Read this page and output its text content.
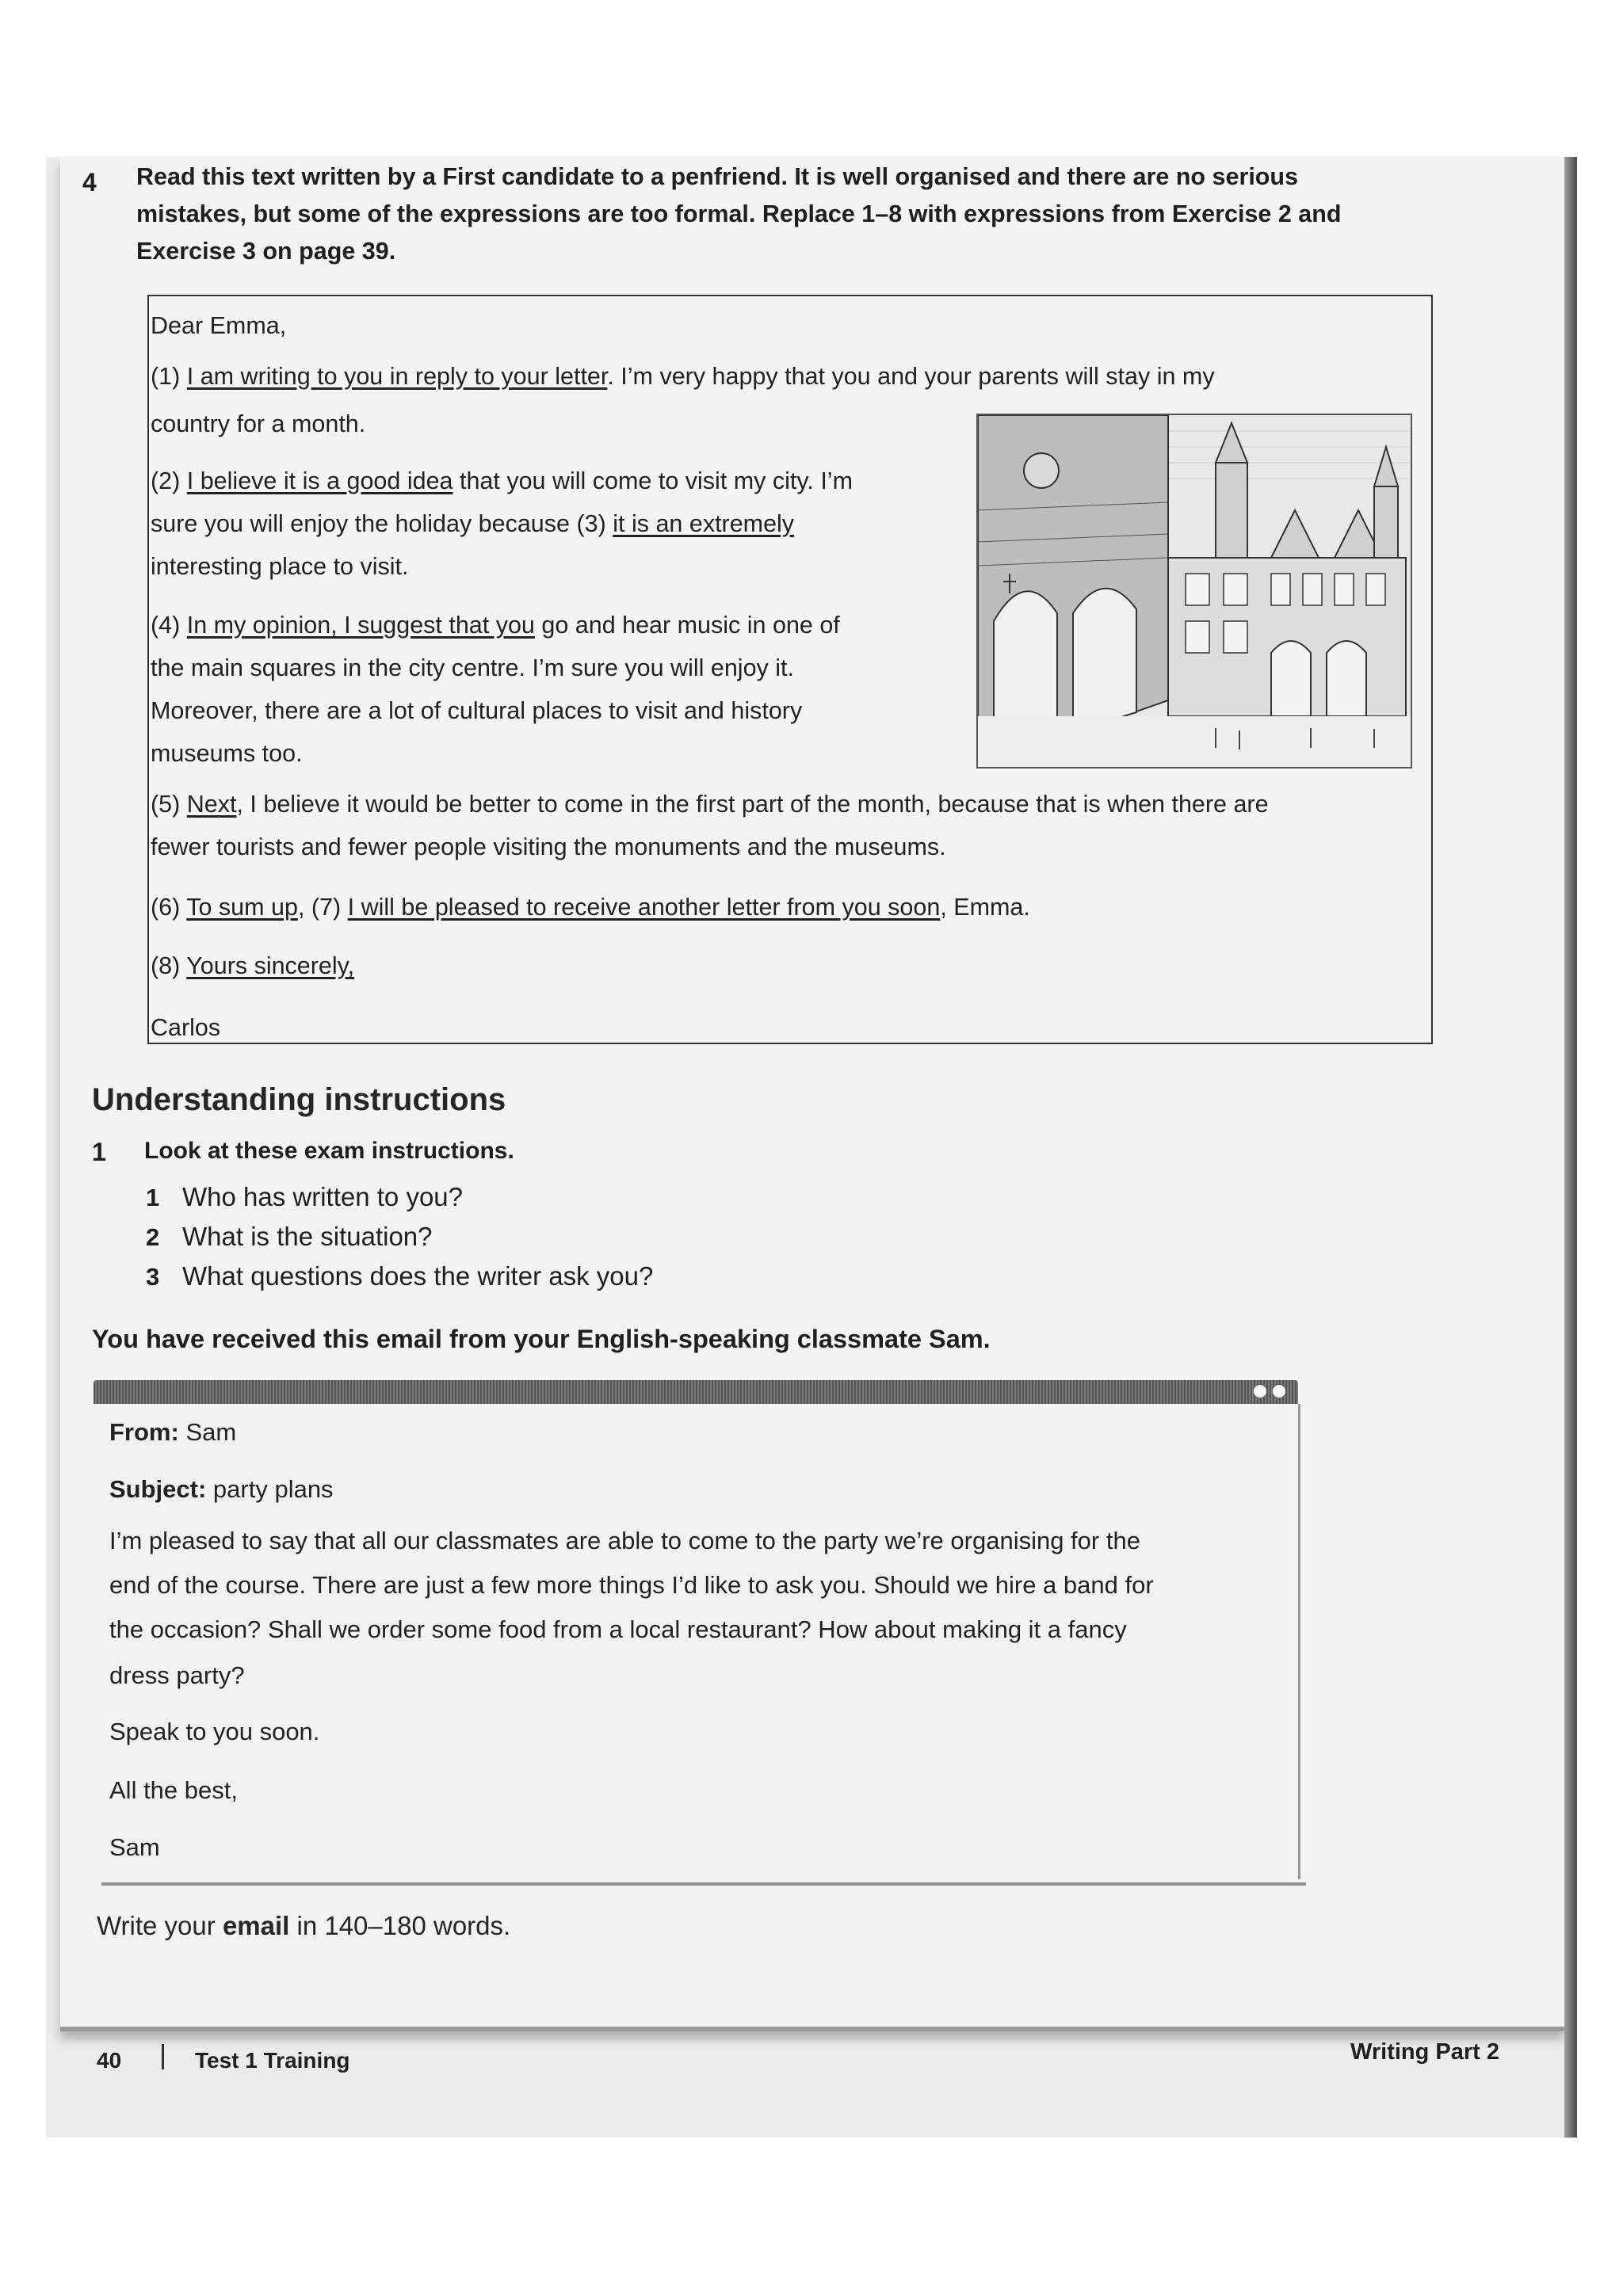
4 Read this text written by a First candidate to a penfriend. It is well organised and there are no serious mistakes, but some of the expressions are too formal. Replace 1–8 with expressions from Exercise 2 and Exercise 3 on page 39.
Dear Emma,
(1) I am writing to you in reply to your letter. I’m very happy that you and your parents will stay in my
country for a month.
(2) I believe it is a good idea that you will come to visit my city. I’m
sure you will enjoy the holiday because (3) it is an extremely
interesting place to visit.
(4) In my opinion, I suggest that you go and hear music in one of
the main squares in the city centre. I’m sure you will enjoy it.
Moreover, there are a lot of cultural places to visit and history
museums too.
(5) Next, I believe it would be better to come in the first part of the month, because that is when there are
fewer tourists and fewer people visiting the monuments and the museums.
(6) To sum up, (7) I will be pleased to receive another letter from you soon, Emma.
(8) Yours sincerely,
Carlos
Understanding instructions
1 Look at these exam instructions.
1 Who has written to you?
2 What is the situation?
3 What questions does the writer ask you?
You have received this email from your English-speaking classmate Sam.
From: Sam
Subject: party plans
I’m pleased to say that all our classmates are able to come to the party we’re organising for the
end of the course. There are just a few more things I’d like to ask you. Should we hire a band for
the occasion? Shall we order some food from a local restaurant? How about making it a fancy
dress party?
Speak to you soon.
All the best,
Sam
Write your email in 140–180 words.
40	Test 1 Training	Writing Part 2
